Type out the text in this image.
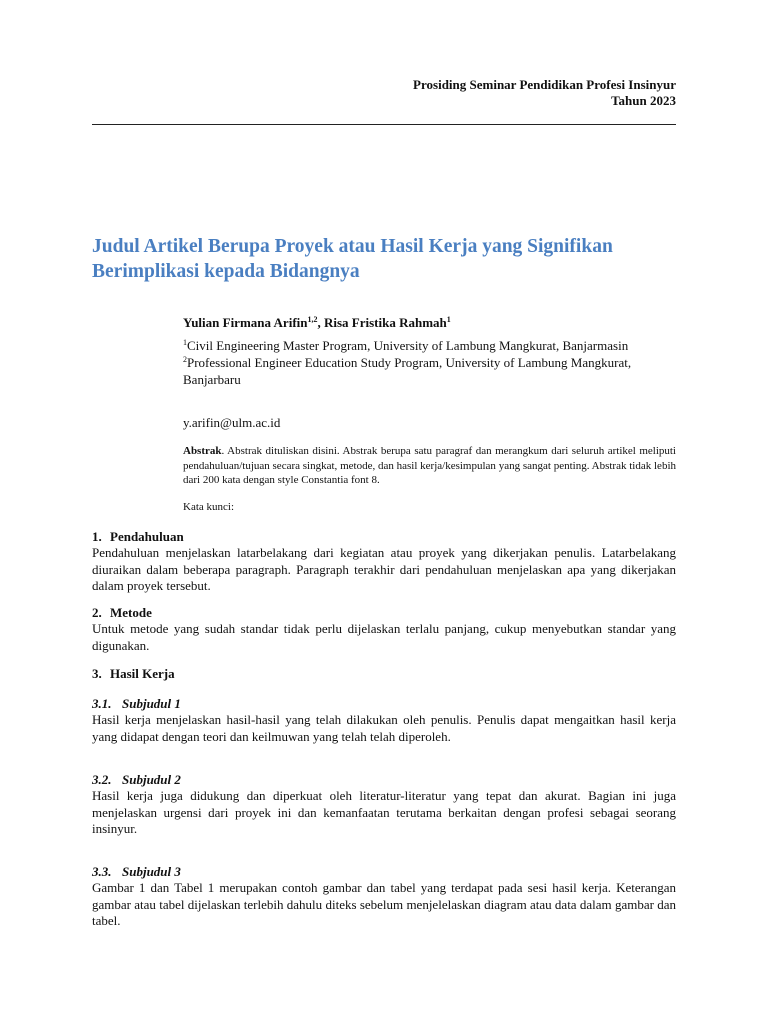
Prosiding Seminar Pendidikan Profesi Insinyur
Tahun 2023
Judul Artikel Berupa Proyek atau Hasil Kerja yang Signifikan Berimplikasi kepada Bidangnya
Yulian Firmana Arifin$^{1,2}$, Risa Fristika Rahmah$^1$
$^1$Civil Engineering Master Program, University of Lambung Mangkurat, Banjarmasin
$^2$Professional Engineer Education Study Program, University of Lambung Mangkurat, Banjarbaru
y.arifin@ulm.ac.id

Abstrak. Abstrak dituliskan disini. Abstrak berupa satu paragraf dan merangkum dari seluruh artikel meliputi pendahuluan/tujuan secara singkat, metode, dan hasil kerja/kesimpulan yang sangat penting. Abstrak tidak lebih dari 200 kata dengan style Constantia font 8.

Kata kunci:
1. Pendahuluan

Pendahuluan menjelaskan latarbelakang dari kegiatan atau proyek yang dikerjakan penulis. Latarbelakang diuraikan dalam beberapa paragraph. Paragraph terakhir dari pendahuluan menjelaskan apa yang dikerjakan dalam proyek tersebut.

2. Metode

Untuk metode yang sudah standar tidak perlu dijelaskan terlalu panjang, cukup menyebutkan standar yang digunakan.

3. Hasil Kerja
3.1. Subjudul 1

Hasil kerja menjelaskan hasil-hasil yang telah dilakukan oleh penulis. Penulis dapat mengaitkan hasil kerja yang didapat dengan teori dan keilmuwan yang telah telah diperoleh.

3.2. Subjudul 2

Hasil kerja juga didukung dan diperkuat oleh literatur-literatur yang tepat dan akurat. Bagian ini juga menjelaskan urgensi dari proyek ini dan kemanfaatan terutama berkaitan dengan profesi sebagai seorang insinyur.

3.3. Subjudul 3

Gambar 1 dan Tabel 1 merupakan contoh gambar dan tabel yang terdapat pada sesi hasil kerja. Keterangan gambar atau tabel dijelaskan terlebih dahulu diteks sebelum menjelelaskan diagram atau data dalam gambar dan tabel.
